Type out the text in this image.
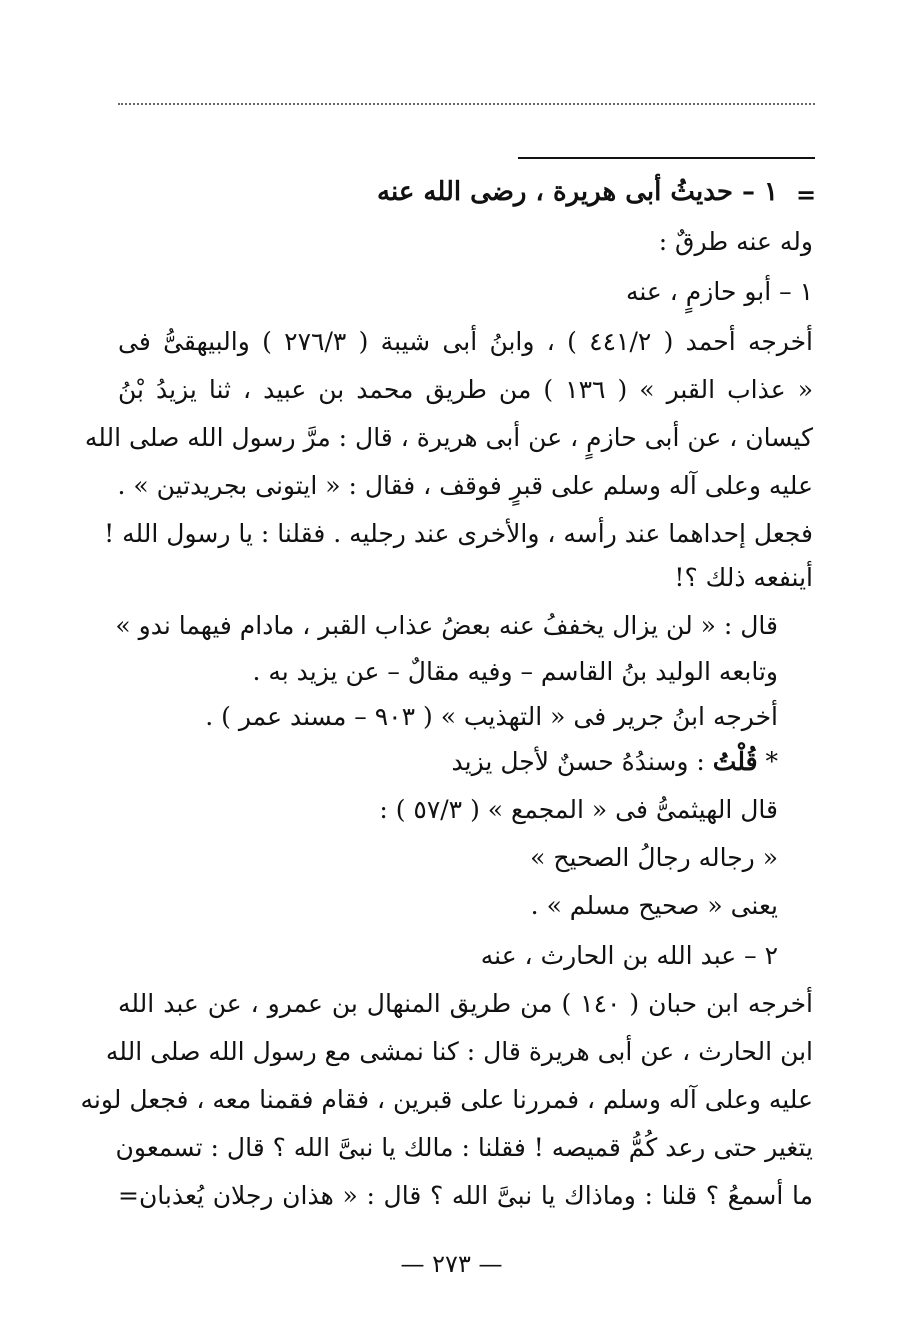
=
١ – حديثُ أبى هريرة ، رضى الله عنه
وله عنه طرقٌ :
١ – أبو حازمٍ ، عنه
أخرجه أحمد ( ٤٤١/٢ ) ، وابنُ أبى شيبة ( ٢٧٦/٣ ) والبيهقىُّ فى
« عذاب القبر » ( ١٣٦ ) من طريق محمد بن عبيد ، ثنا يزيدُ بْنُ
كيسان ، عن أبى حازمٍ ، عن أبى هريرة ، قال : مرَّ رسول الله صلى الله
عليه وعلى آله وسلم على قبرٍ فوقف ، فقال : « ايتونى بجريدتين » .
فجعل إحداهما عند رأسه ، والأخرى عند رجليه . فقلنا : يا رسول الله !
أينفعه ذلك ؟!
قال : « لن يزال يخففُ عنه بعضُ عذاب القبر ، مادام فيهما ندو »
وتابعه الوليد بنُ القاسم – وفيه مقالٌ – عن يزيد به .
أخرجه ابنُ جرير فى « التهذيب » ( ٩٠٣ – مسند عمر ) .
* قُلْتُ : وسندُهُ حسنٌ لأجل يزيد
قال الهيثمىُّ فى « المجمع » ( ٥٧/٣ ) :
« رجاله رجالُ الصحيح »
يعنى « صحيح مسلم » .
٢ – عبد الله بن الحارث ، عنه
أخرجه ابن حبان ( ١٤٠ ) من طريق المنهال بن عمرو ، عن عبد الله
ابن الحارث ، عن أبى هريرة قال : كنا نمشى مع رسول الله صلى الله
عليه وعلى آله وسلم ، فمررنا على قبرين ، فقام فقمنا معه ، فجعل لونه
يتغير حتى رعد كُمُّ قميصه ! فقلنا : مالك يا نبىَّ الله ؟ قال : تسمعون
ما أسمعُ ؟ قلنا : وماذاك يا نبىَّ الله ؟ قال : « هذان رجلان يُعذبان=
— ٢٧٣ —
